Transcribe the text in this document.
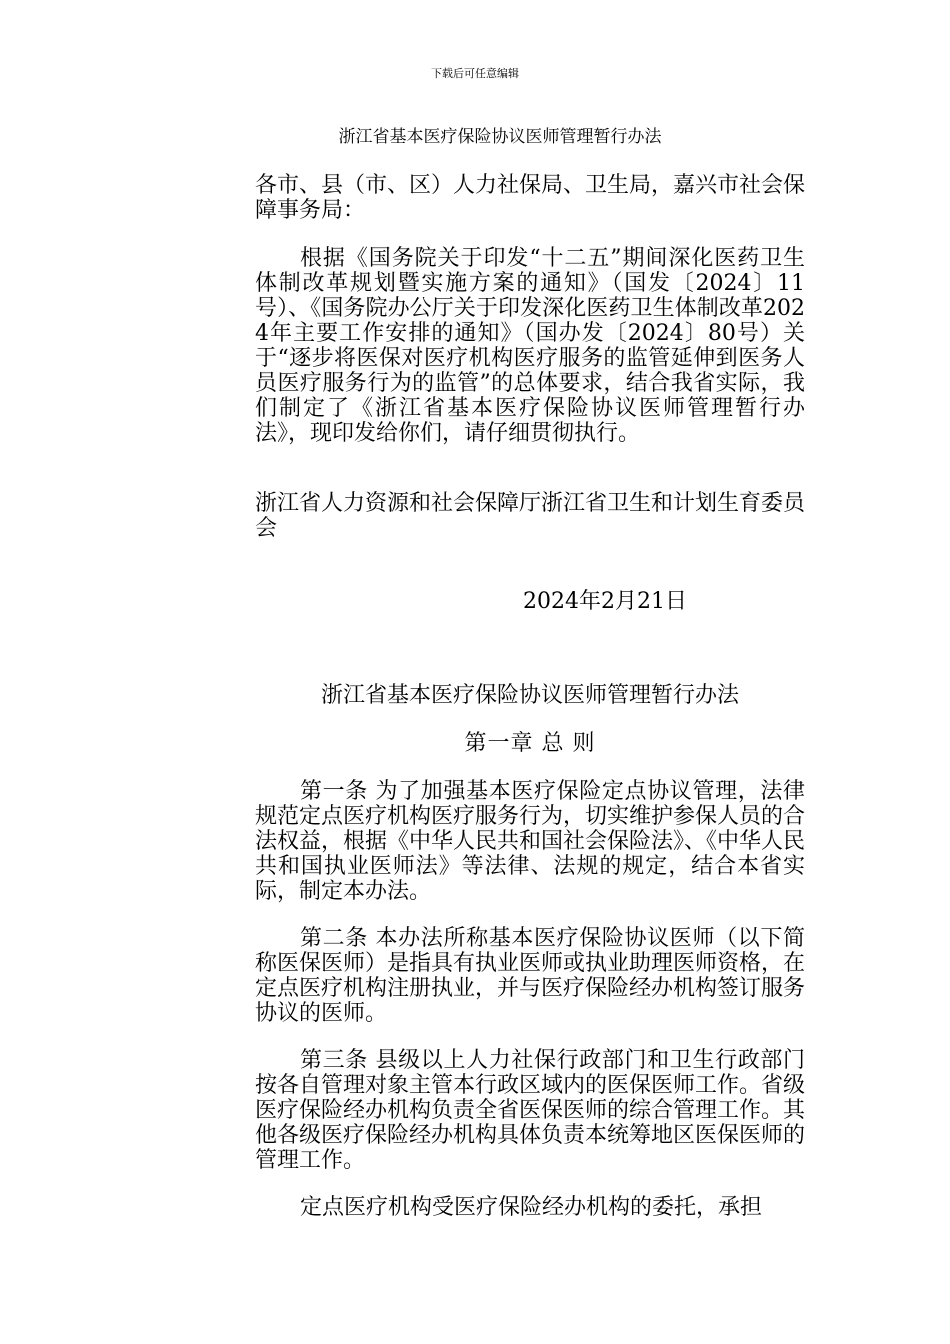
下载后可任意编辑
浙江省基本医疗保险协议医师管理暂行办法
各市、县（市、区）人力社保局、卫生局，嘉兴市社会保障事务局：
根据《国务院关于印发“十二五”期间深化医药卫生体制改革规划暨实施方案的通知》（国发〔2024〕11号）、《国务院办公厅关于印发深化医药卫生体制改革2024年主要工作安排的通知》（国办发〔2024〕80号）关于“逐步将医保对医疗机构医疗服务的监管延伸到医务人员医疗服务行为的监管”的总体要求，结合我省实际，我们制定了《浙江省基本医疗保险协议医师管理暂行办法》，现印发给你们，请仔细贯彻执行。
浙江省人力资源和社会保障厅浙江省卫生和计划生育委员会
2024年2月21日
浙江省基本医疗保险协议医师管理暂行办法
第一章 总 则
第一条 为了加强基本医疗保险定点协议管理，法律规范定点医疗机构医疗服务行为，切实维护参保人员的合法权益，根据《中华人民共和国社会保险法》、《中华人民共和国执业医师法》等法律、法规的规定，结合本省实际，制定本办法。
第二条 本办法所称基本医疗保险协议医师（以下简称医保医师）是指具有执业医师或执业助理医师资格，在定点医疗机构注册执业，并与医疗保险经办机构签订服务协议的医师。
第三条 县级以上人力社保行政部门和卫生行政部门按各自管理对象主管本行政区域内的医保医师工作。省级医疗保险经办机构负责全省医保医师的综合管理工作。其他各级医疗保险经办机构具体负责本统筹地区医保医师的管理工作。
定点医疗机构受医疗保险经办机构的委托，承担
